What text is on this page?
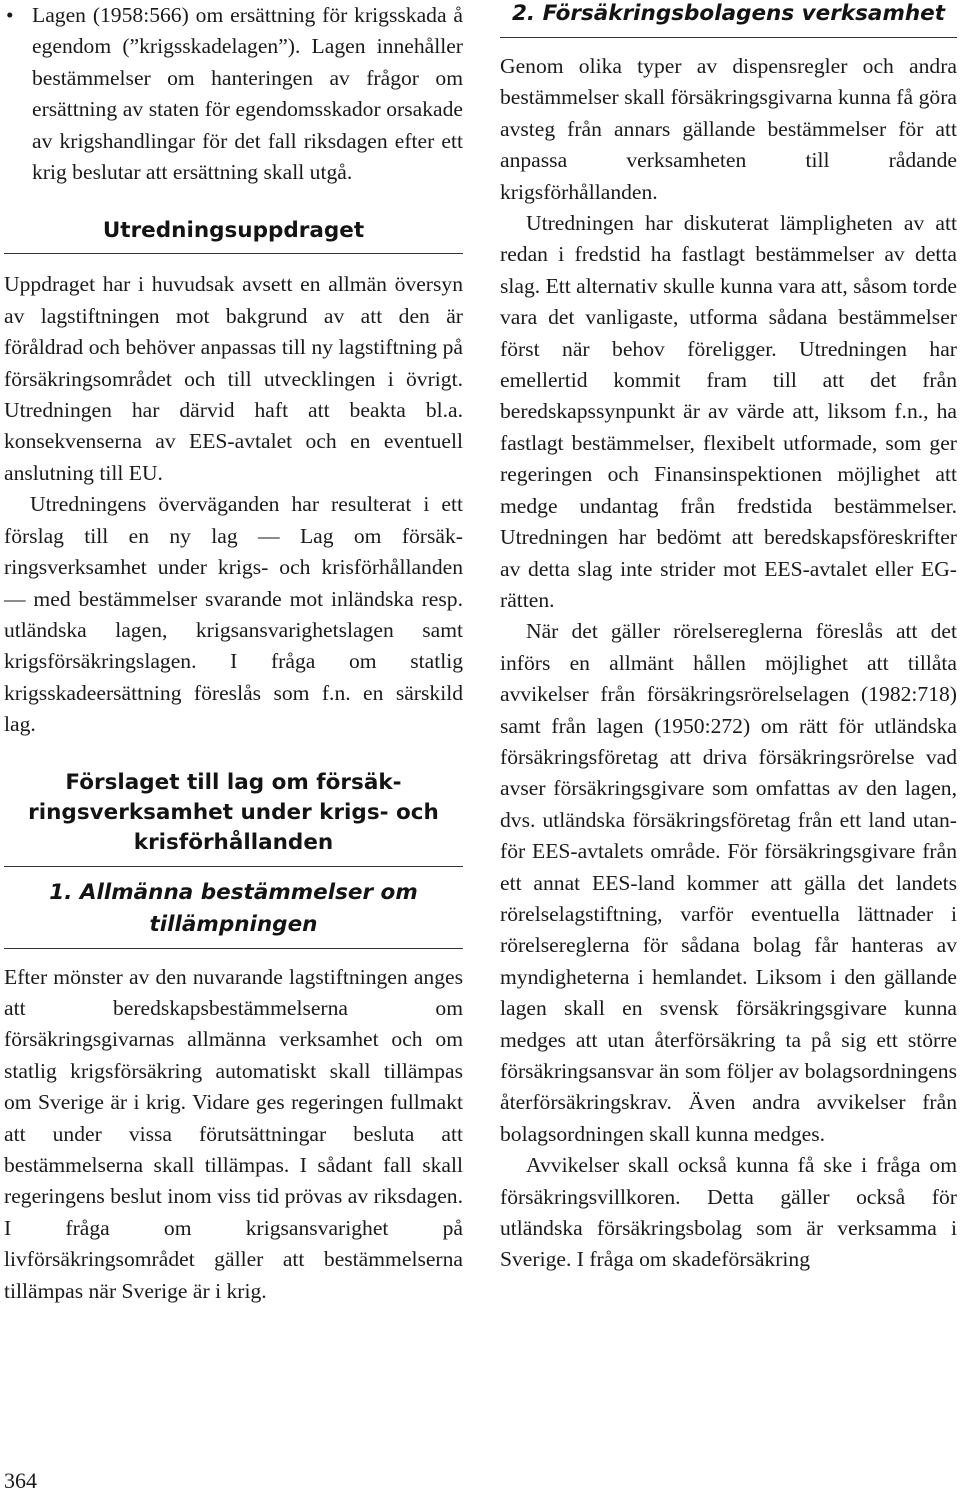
• Lagen (1958:566) om ersättning för krigsskada å egendom (”krigsskadelagen”). Lagen innehåller bestämmelser om hanteringen av frågor om ersättning av staten för egendomsskador orsakade av krigshandlingar för det fall riksdagen efter ett krig beslutar att ersättning skall utgå.

Utredningsuppdraget

Uppdraget har i huvudsak avsett en allmän översyn av lagstiftningen mot bakgrund av att den är föråldrad och behöver anpassas till ny lagstiftning på försäkringsområdet och till utvecklingen i övrigt. Utredningen har därvid haft att beakta bl.a. konsekvenserna av EES-avtalet och en eventuell anslutning till EU.

Utredningens överväganden har resulterat i ett förslag till en ny lag — Lag om försäkringsverksamhet under krigs- och krisförhållanden — med bestämmelser svarande mot inländska resp. utländska lagen, krigsansvarighetslagen samt krigsförsäkringslagen. I fråga om statlig krigsskadeersättning föreslås som f.n. en särskild lag.

Förslaget till lag om försäkringsverksamhet under krigs- och krisförhållanden
1. Allmänna bestämmelser om tillämpningen

Efter mönster av den nuvarande lagstiftningen anges att beredskapsbestämmelserna om försäkringsgivarnas allmänna verksamhet och om statlig krigsförsäkring automatiskt skall tillämpas om Sverige är i krig. Vidare ges regeringen fullmakt att under vissa förutsättningar besluta att bestämmelserna skall tillämpas. I sådant fall skall regeringens beslut inom viss tid prövas av riksdagen. I fråga om krigsansvarighet på livförsäkringsområdet gäller att bestämmelserna tillämpas när Sverige är i krig.

2. Försäkringsbolagens verksamhet

Genom olika typer av dispensregler och andra bestämmelser skall försäkringsgivarna kunna få göra avsteg från annars gällande bestämmelser för att anpassa verksamheten till rådande krigsförhållanden.

Utredningen har diskuterat lämpligheten av att redan i fredstid ha fastlagt bestämmelser av detta slag. Ett alternativ skulle kunna vara att, såsom torde vara det vanligaste, utforma sådana bestämmelser först när behov föreligger. Utredningen har emellertid kommit fram till att det från beredskapssynpunkt är av värde att, liksom f.n., ha fastlagt bestämmelser, flexibelt utformade, som ger regeringen och Finansinspektionen möjlighet att medge undantag från fredstida bestämmelser. Utredningen har bedömt att beredskapsföreskrifter av detta slag inte strider mot EES-avtalet eller EG-rätten.

När det gäller rörelsereglerna föreslås att det införs en allmänt hållen möjlighet att tillåta avvikelser från försäkringsrörelselagen (1982:718) samt från lagen (1950:272) om rätt för utländska försäkringsföretag att driva försäkringsrörelse vad avser försäkringsgivare som omfattas av den lagen, dvs. utländska försäkringsföretag från ett land utanför EES-avtalets område. För försäkringsgivare från ett annat EES-land kommer att gälla det landets rörelselagstiftning, varför eventuella lättnader i rörelsereglerna för sådana bolag får hanteras av myndigheterna i hemlandet. Liksom i den gällande lagen skall en svensk försäkringsgivare kunna medges att utan återförsäkring ta på sig ett större försäkringsansvar än som följer av bolagsordningens återförsäkringskrav. Även andra avvikelser från bolagsordningen skall kunna medges.

Avvikelser skall också kunna få ske i fråga om försäkringsvillkoren. Detta gäller också för utländska försäkringsbolag som är verksamma i Sverige. I fråga om skadeförsäkring

364
